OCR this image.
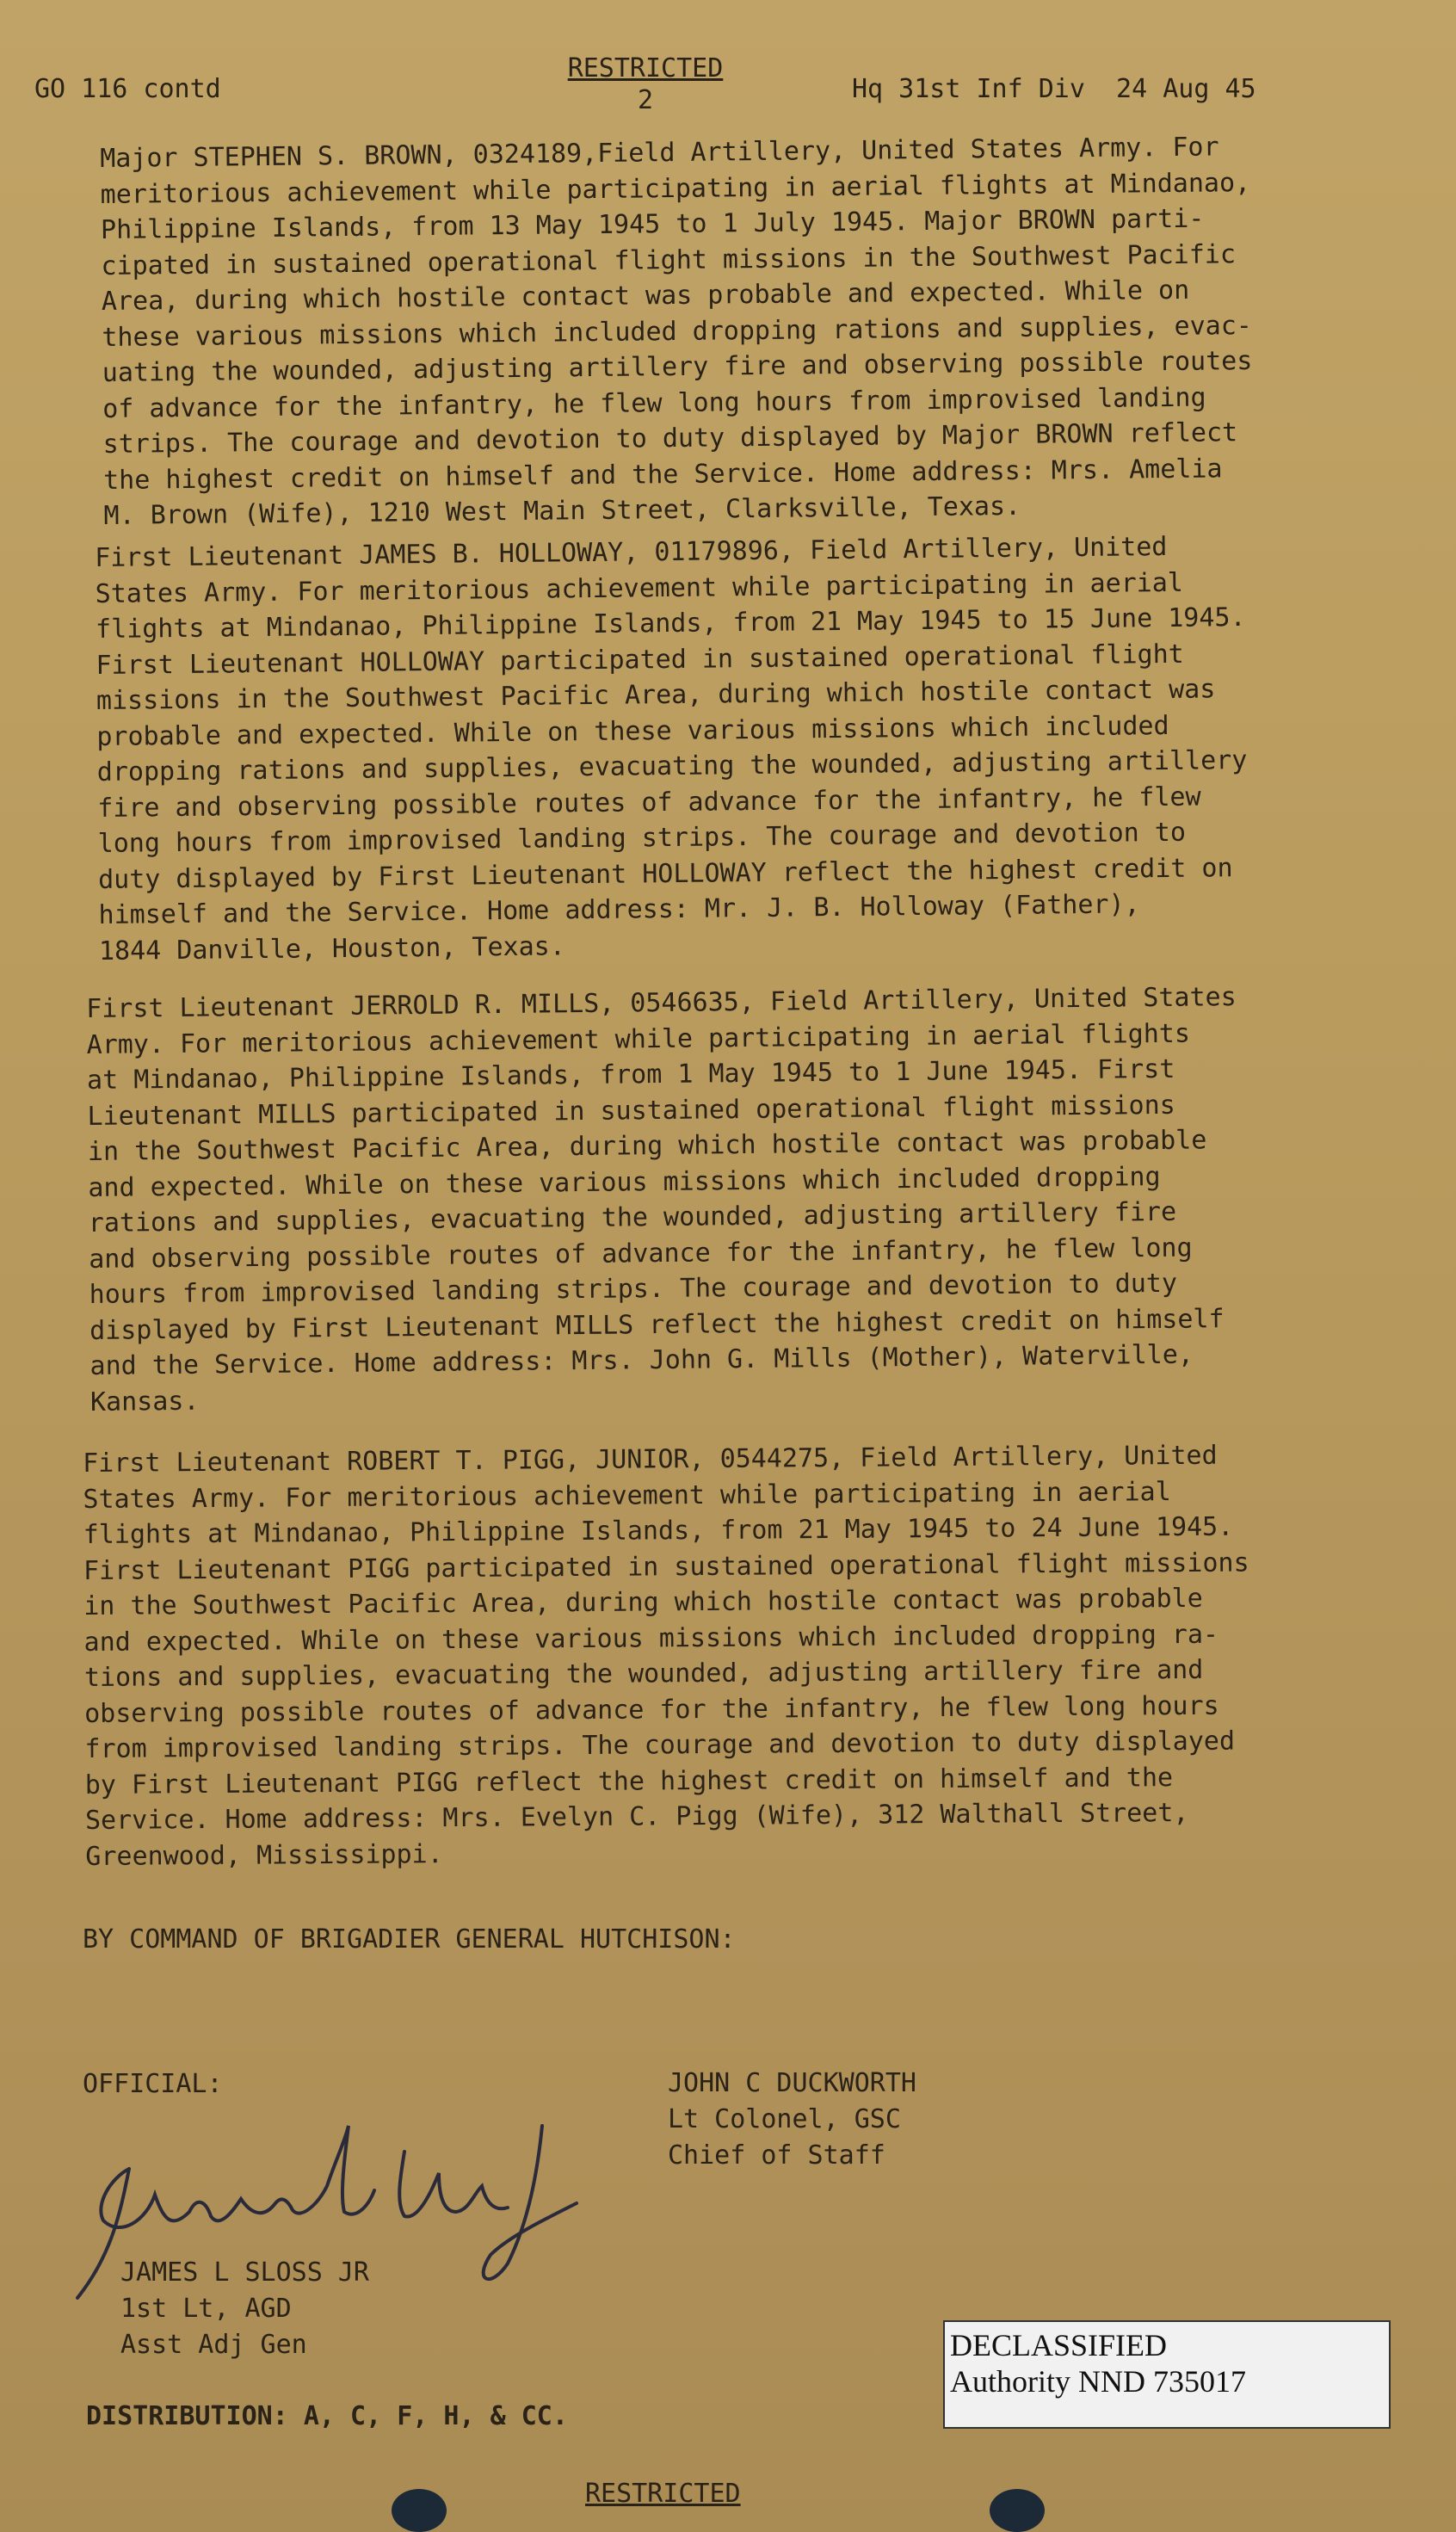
GO 116 contd
RESTRICTED
2	Hq 31st Inf Div  24 Aug 45
Major STEPHEN S. BROWN, 0324189,Field Artillery, United States Army. For
meritorious achievement while participating in aerial flights at Mindanao,
Philippine Islands, from 13 May 1945 to 1 July 1945. Major BROWN parti-
cipated in sustained operational flight missions in the Southwest Pacific
Area, during which hostile contact was probable and expected. While on
these various missions which included dropping rations and supplies, evac-
uating the wounded, adjusting artillery fire and observing possible routes
of advance for the infantry, he flew long hours from improvised landing
strips. The courage and devotion to duty displayed by Major BROWN reflect
the highest credit on himself and the Service. Home address: Mrs. Amelia
M. Brown (Wife), 1210 West Main Street, Clarksville, Texas.
First Lieutenant JAMES B. HOLLOWAY, 01179896, Field Artillery, United
States Army. For meritorious achievement while participating in aerial
flights at Mindanao, Philippine Islands, from 21 May 1945 to 15 June 1945.
First Lieutenant HOLLOWAY participated in sustained operational flight
missions in the Southwest Pacific Area, during which hostile contact was
probable and expected. While on these various missions which included
dropping rations and supplies, evacuating the wounded, adjusting artillery
fire and observing possible routes of advance for the infantry, he flew
long hours from improvised landing strips. The courage and devotion to
duty displayed by First Lieutenant HOLLOWAY reflect the highest credit on
himself and the Service. Home address: Mr. J. B. Holloway (Father),
1844 Danville, Houston, Texas.
First Lieutenant JERROLD R. MILLS, 0546635, Field Artillery, United States
Army. For meritorious achievement while participating in aerial flights
at Mindanao, Philippine Islands, from 1 May 1945 to 1 June 1945. First
Lieutenant MILLS participated in sustained operational flight missions
in the Southwest Pacific Area, during which hostile contact was probable
and expected. While on these various missions which included dropping
rations and supplies, evacuating the wounded, adjusting artillery fire
and observing possible routes of advance for the infantry, he flew long
hours from improvised landing strips. The courage and devotion to duty
displayed by First Lieutenant MILLS reflect the highest credit on himself
and the Service. Home address: Mrs. John G. Mills (Mother), Waterville,
Kansas.
First Lieutenant ROBERT T. PIGG, JUNIOR, 0544275, Field Artillery, United
States Army. For meritorious achievement while participating in aerial
flights at Mindanao, Philippine Islands, from 21 May 1945 to 24 June 1945.
First Lieutenant PIGG participated in sustained operational flight missions
in the Southwest Pacific Area, during which hostile contact was probable
and expected. While on these various missions which included dropping ra-
tions and supplies, evacuating the wounded, adjusting artillery fire and
observing possible routes of advance for the infantry, he flew long hours
from improvised landing strips. The courage and devotion to duty displayed
by First Lieutenant PIGG reflect the highest credit on himself and the
Service. Home address: Mrs. Evelyn C. Pigg (Wife), 312 Walthall Street,
Greenwood, Mississippi.
BY COMMAND OF BRIGADIER GENERAL HUTCHISON:
OFFICIAL:	JOHN C DUCKWORTH
Lt Colonel, GSC
Chief of Staff
JAMES L SLOSS JR
1st Lt, AGD
Asst Adj Gen
DISTRIBUTION: A, C, F, H, & CC.
DECLASSIFIED
Authority NND 735017
RESTRICTED
